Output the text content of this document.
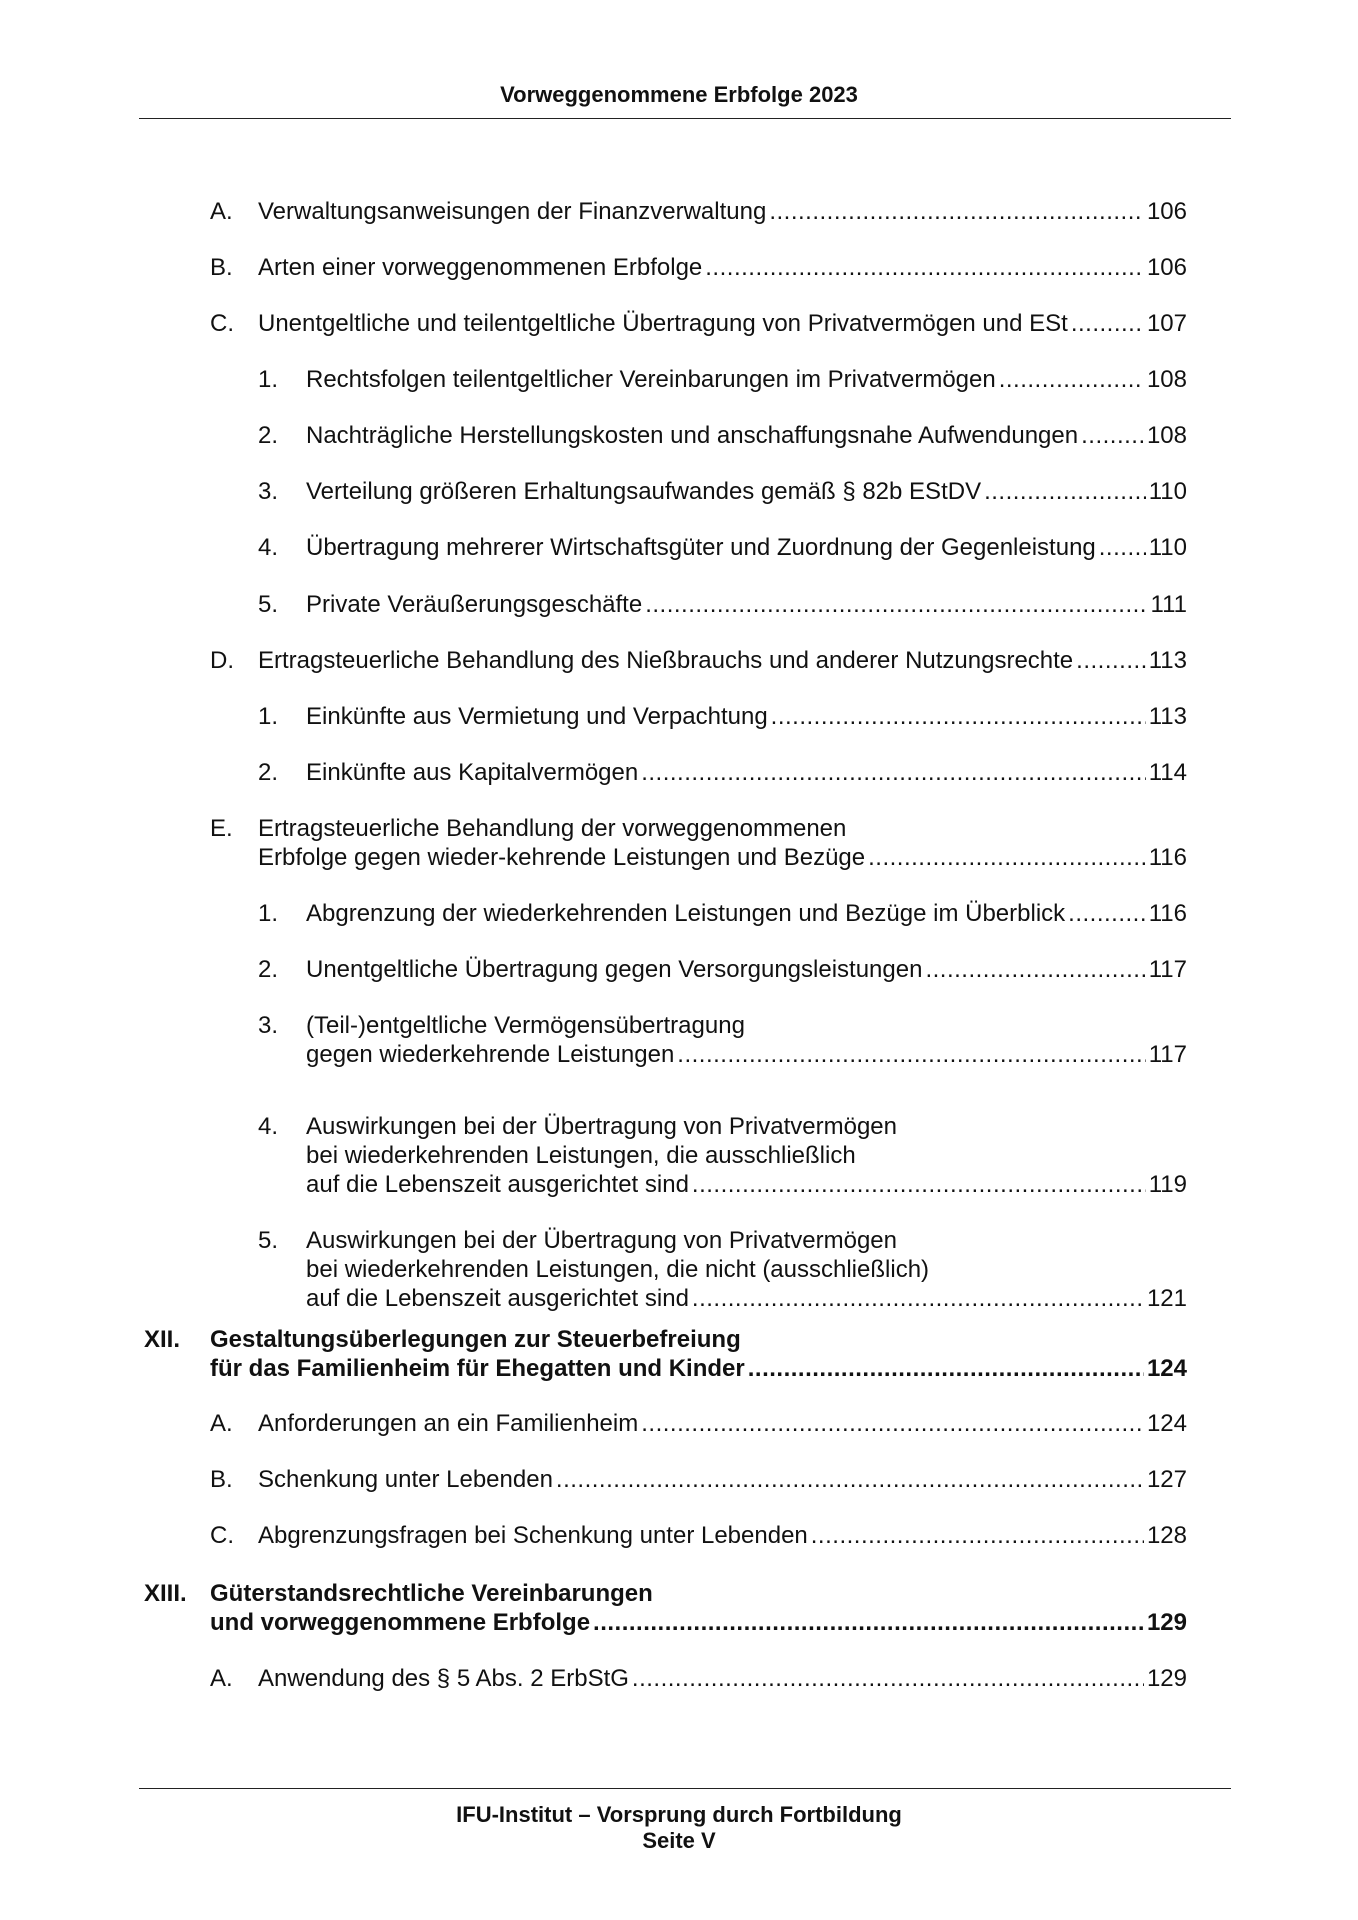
Vorweggenommene Erbfolge 2023
A. Verwaltungsanweisungen der Finanzverwaltung .....	106
B. Arten einer vorweggenommenen Erbfolge .....	106
C. Unentgeltliche und teilentgeltliche Übertragung von Privatvermögen und ESt .....	107
1. Rechtsfolgen teilentgeltlicher Vereinbarungen im Privatvermögen .....	108
2. Nachträgliche Herstellungskosten und anschaffungsnahe Aufwendungen .....	108
3. Verteilung größeren Erhaltungsaufwandes gemäß § 82b EStDV .....	110
4. Übertragung mehrerer Wirtschaftsgüter und Zuordnung der Gegenleistung ..... 110
5. Private Veräußerungsgeschäfte .....	111
D. Ertragsteuerliche Behandlung des Nießbrauchs und anderer Nutzungsrechte .....	113
1. Einkünfte aus Vermietung und Verpachtung .....	113
2. Einkünfte aus Kapitalvermögen .....	114
E. Ertragsteuerliche Behandlung der vorweggenommenen
Erbfolge gegen wieder-kehrende Leistungen und Bezüge .....	116
1. Abgrenzung der wiederkehrenden Leistungen und Bezüge im Überblick .....	116
2. Unentgeltliche Übertragung gegen Versorgungsleistungen .....	117
3. (Teil-)entgeltliche Vermögensübertragung
gegen wiederkehrende Leistungen .....	117
4. Auswirkungen bei der Übertragung von Privatvermögen
bei wiederkehrenden Leistungen, die ausschließlich
auf die Lebenszeit ausgerichtet sind .....	119
5. Auswirkungen bei der Übertragung von Privatvermögen
bei wiederkehrenden Leistungen, die nicht (ausschließlich)
auf die Lebenszeit ausgerichtet sind .....	121
XII. Gestaltungsüberlegungen zur Steuerbefreiung
für das Familienheim für Ehegatten und Kinder .....	124
A. Anforderungen an ein Familienheim .....	124
B. Schenkung unter Lebenden .....	127
C. Abgrenzungsfragen bei Schenkung unter Lebenden .....	128
XIII. Güterstandsrechtliche Vereinbarungen
und vorweggenommene Erbfolge .....	129
A. Anwendung des § 5 Abs. 2 ErbStG .....	129
IFU-Institut – Vorsprung durch Fortbildung
Seite V
